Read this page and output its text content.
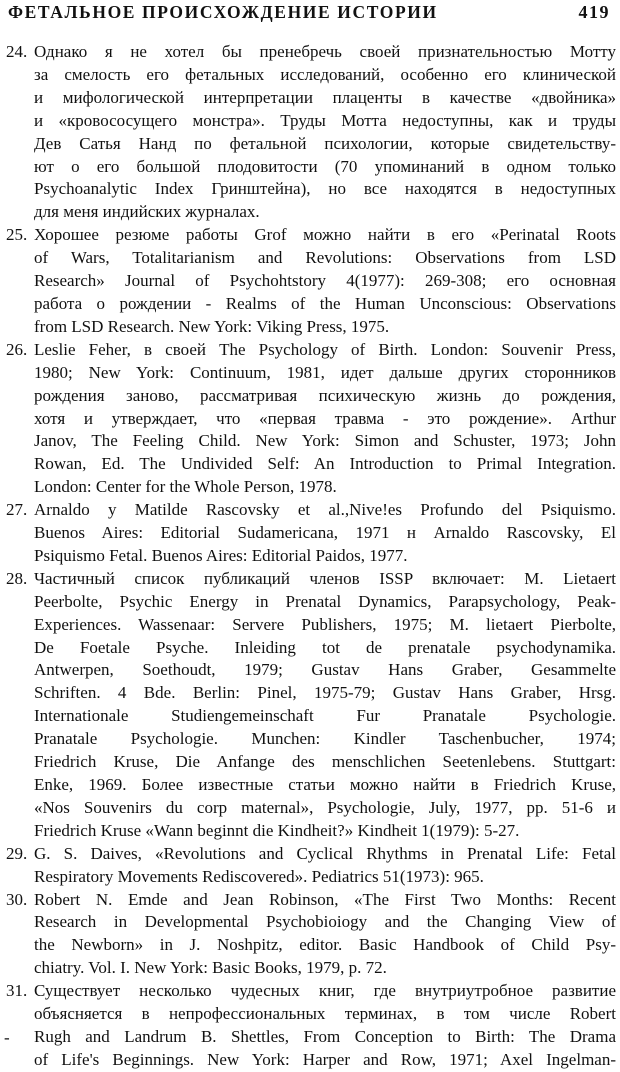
ФЕТАЛЬНОЕ ПРОИСХОЖДЕНИЕ ИСТОРИИ	419
24. Однако я не хотел бы пренебречь своей признательностью Мотту
за смелость его фетальных исследований, особенно его клинической
и мифологической интерпретации плаценты в качестве «двойника»
и «кровососущего монстра». Труды Мотта недоступны, как и труды
Дев Сатья Нанд по фетальной психологии, которые свидетельству-
ют о его большой плодовитости (70 упоминаний в одном только
Psychoanalytic Index Гринштейна), но все находятся в недоступных
для меня индийских журналах.
25. Хорошее резюме работы Grof можно найти в его «Perinatal Roots
of Wars, Totalitarianism and Revolutions: Observations from LSD
Research» Journal of Psychohtstory 4(1977): 269-308; его основная
работа о рождении - Realms of the Human Unconscious: Observations
from LSD Research. New York: Viking Press, 1975.
26. Leslie Feher, в своей The Psychology of Birth. London: Souvenir Press,
1980; New York: Continuum, 1981, идет дальше других сторонников
рождения заново, рассматривая психическую жизнь до рождения,
хотя и утверждает, что «первая травма - это рождение». Arthur
Janov, The Feeling Child. New York: Simon and Schuster, 1973; John
Rowan, Ed. The Undivided Self: An Introduction to Primal Integration.
London: Center for the Whole Person, 1978.
27. Arnaldo y Matilde Rascovsky et al.,Nive!es Profundo del Psiquismo.
Buenos Aires: Editorial Sudamericana, 1971 н Arnaldo Rascovsky, El
Psiquismo Fetal. Buenos Aires: Editorial Paidos, 1977.
28. Частичный список публикаций членов ISSP включает: M. Lietaert
Peerbolte, Psychic Energy in Prenatal Dynamics, Parapsychology, Peak-
Experiences. Wassenaar: Servere Publishers, 1975; M. lietaert Pierbolte,
De Foetale Psyche. Inleiding tot de prenatale psychodynamika.
Antwerpen, Soethoudt, 1979; Gustav Hans Graber, Gesammelte
Schriften. 4 Bde. Berlin: Pinel, 1975-79; Gustav Hans Graber, Hrsg.
Internationale Studiengemeinschaft Fur Pranatale Psychologie.
Pranatale Psychologie. Munchen: Kindler Taschenbucher, 1974;
Friedrich Kruse, Die Anfange des menschlichen Seetenlebens. Stuttgart:
Enke, 1969. Более известные статьи можно найти в Friedrich Kruse,
«Nos Souvenirs du corp maternal», Psychologie, July, 1977, pp. 51-6 и
Friedrich Kruse «Wann beginnt die Kindheit?» Kindheit 1(1979): 5-27.
29. G. S. Daives, «Revolutions and Cyclical Rhythms in Prenatal Life: Fetal
Respiratory Movements Rediscovered». Pediatrics 51(1973): 965.
30. Robert N. Emde and Jean Robinson, «The First Two Months: Recent
Research in Developmental Psychobioiogy and the Changing View of
the Newborn» in J. Noshpitz, editor. Basic Handbook of Child Psy-
chiatry. Vol. I. New York: Basic Books, 1979, p. 72.
31. Существует несколько чудесных книг, где внутриутробное развитие
объясняется в непрофессиональных терминах, в том числе Robert
Rugh and Landrum B. Shettles, From Conception to Birth: The Drama
of Life's Beginnings. New York: Harper and Row, 1971; Axel Ingelman-
-
